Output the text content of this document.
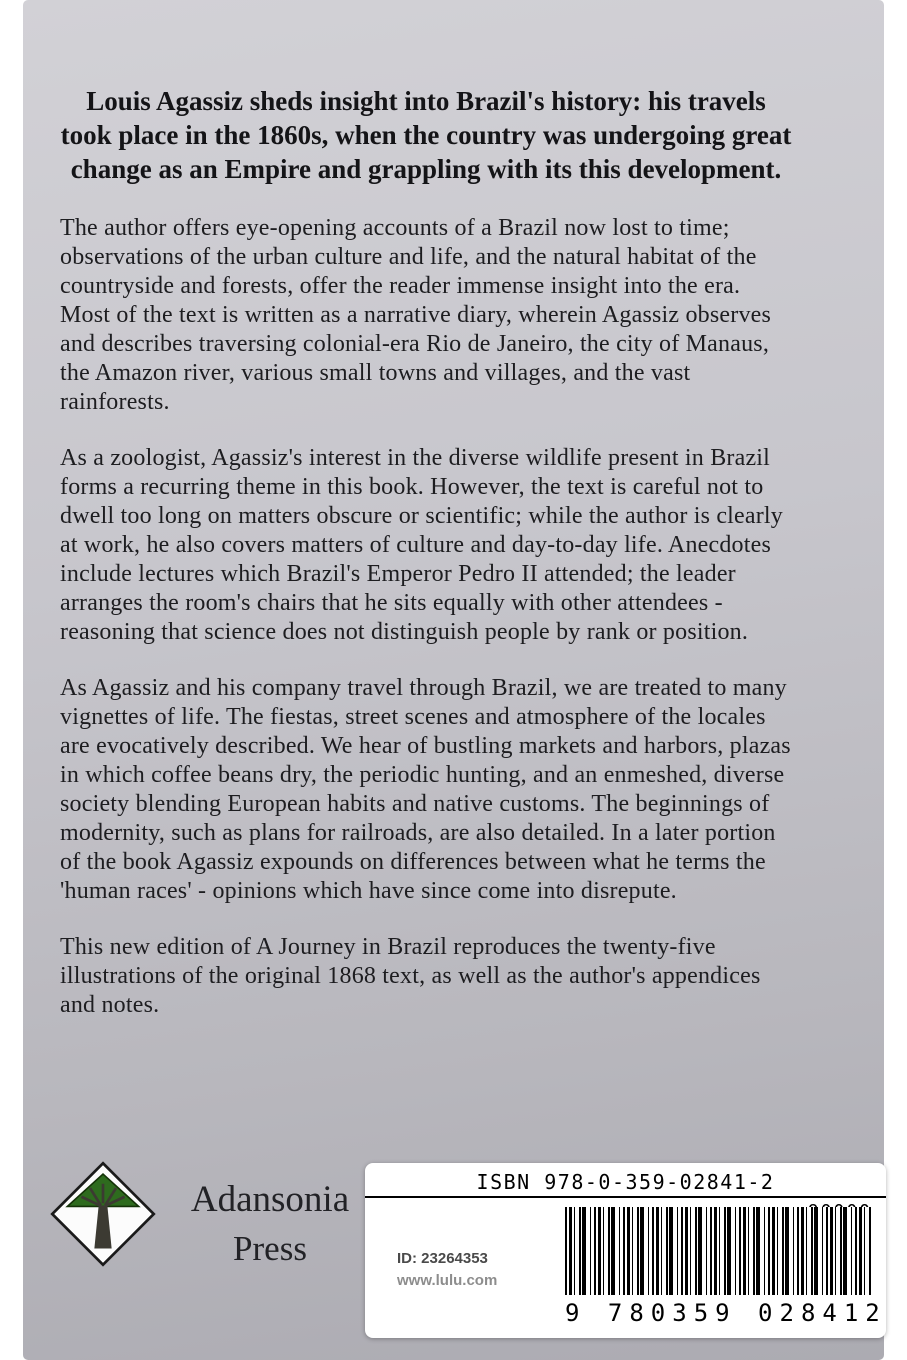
Louis Agassiz sheds insight into Brazil's history: his travels took place in the 1860s, when the country was undergoing great change as an Empire and grappling with its this development.
The author offers eye-opening accounts of a Brazil now lost to time; observations of the urban culture and life, and the natural habitat of the countryside and forests, offer the reader immense insight into the era. Most of the text is written as a narrative diary, wherein Agassiz observes and describes traversing colonial-era Rio de Janeiro, the city of Manaus, the Amazon river, various small towns and villages, and the vast rainforests.
As a zoologist, Agassiz's interest in the diverse wildlife present in Brazil forms a recurring theme in this book. However, the text is careful not to dwell too long on matters obscure or scientific; while the author is clearly at work, he also covers matters of culture and day-to-day life. Anecdotes include lectures which Brazil's Emperor Pedro II attended; the leader arranges the room's chairs that he sits equally with other attendees - reasoning that science does not distinguish people by rank or position.
As Agassiz and his company travel through Brazil, we are treated to many vignettes of life. The fiestas, street scenes and atmosphere of the locales are evocatively described. We hear of bustling markets and harbors, plazas in which coffee beans dry, the periodic hunting, and an enmeshed, diverse society blending European habits and native customs. The beginnings of modernity, such as plans for railroads, are also detailed. In a later portion of the book Agassiz expounds on differences between what he terms the 'human races' - opinions which have since come into disrepute.
This new edition of A Journey in Brazil reproduces the twenty-five illustrations of the original 1868 text, as well as the author's appendices and notes.
Adansonia
Press
ISBN 978-0-359-02841-2
ID: 23264353
www.lulu.com
9 780359 028412
